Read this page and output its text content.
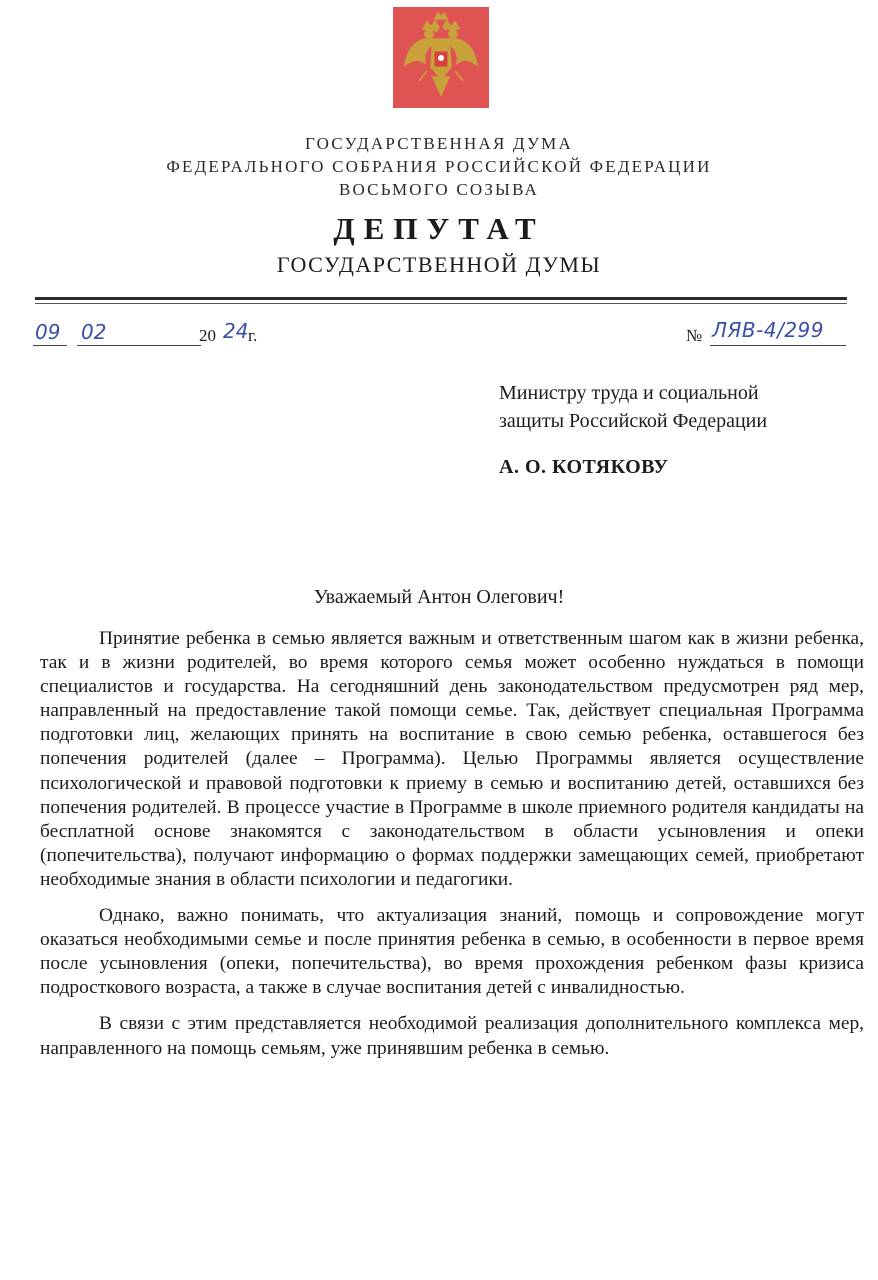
ГОСУДАРСТВЕННАЯ ДУМА
ФЕДЕРАЛЬНОГО СОБРАНИЯ РОССИЙСКОЙ ФЕДЕРАЦИИ
ВОСЬМОГО СОЗЫВА
ДЕПУТАТ
ГОСУДАРСТВЕННОЙ ДУМЫ
09 02	20 24 г.	№ ЛЯВ-4/299
Министру труда и социальной
защиты Российской Федерации
А. О. КОТЯКОВУ
Уважаемый Антон Олегович!

Принятие ребенка в семью является важным и ответственным шагом как в жизни ребенка, так и в жизни родителей, во время которого семья может особенно нуждаться в помощи специалистов и государства. На сегодняшний день законодательством предусмотрен ряд мер, направленный на предоставление такой помощи семье. Так, действует специальная Программа подготовки лиц, желающих принять на воспитание в свою семью ребенка, оставшегося без попечения родителей (далее – Программа). Целью Программы является осуществление психологической и правовой подготовки к приему в семью и воспитанию детей, оставшихся без попечения родителей. В процессе участие в Программе в школе приемного родителя кандидаты на бесплатной основе знакомятся с законодательством в области усыновления и опеки (попечительства), получают информацию о формах поддержки замещающих семей, приобретают необходимые знания в области психологии и педагогики.

Однако, важно понимать, что актуализация знаний, помощь и сопровождение могут оказаться необходимыми семье и после принятия ребенка в семью, в особенности в первое время после усыновления (опеки, попечительства), во время прохождения ребенком фазы кризиса подросткового возраста, а также в случае воспитания детей с инвалидностью.

В связи с этим представляется необходимой реализация дополнительного комплекса мер, направленного на помощь семьям, уже принявшим ребенка в семью.
